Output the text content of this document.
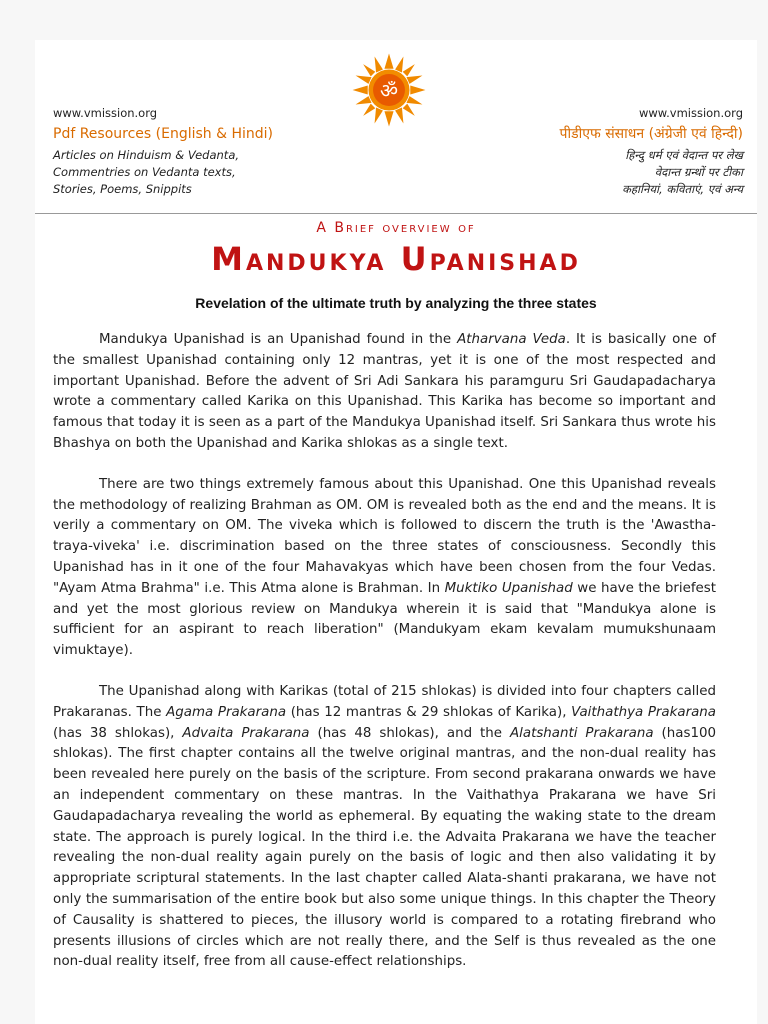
ॐ
www.vmission.org
Pdf Resources (English & Hindi)
Articles on Hinduism & Vedanta,
Commentries on Vedanta texts,
Stories, Poems, Snippits
www.vmission.org
पीडीएफ संसाधन (अंग्रेजी एवं हिन्दी)
हिन्दु धर्म एवं वेदान्त पर लेख
वेदान्त ग्रन्थों पर टीका
कहानियां, कविताएं, एवं अन्य
A Brief overview of
Mandukya Upanishad
Revelation of the ultimate truth by analyzing the three states

Mandukya Upanishad is an Upanishad found in the Atharvana Veda. It is basically one of the smallest Upanishad containing only 12 mantras, yet it is one of the most respected and important Upanishad. Before the advent of Sri Adi Sankara his paramguru Sri Gaudapadacharya wrote a commentary called Karika on this Upanishad. This Karika has become so important and famous that today it is seen as a part of the Mandukya Upanishad itself. Sri Sankara thus wrote his Bhashya on both the Upanishad and Karika shlokas as a single text.

There are two things extremely famous about this Upanishad. One this Upanishad reveals the methodology of realizing Brahman as OM. OM is revealed both as the end and the means. It is verily a commentary on OM. The viveka which is followed to discern the truth is the 'Awastha-traya-viveka' i.e. discrimination based on the three states of consciousness. Secondly this Upanishad has in it one of the four Mahavakyas which have been chosen from the four Vedas. "Ayam Atma Brahma" i.e. This Atma alone is Brahman. In Muktiko Upanishad we have the briefest and yet the most glorious review on Mandukya wherein it is said that "Mandukya alone is sufficient for an aspirant to reach liberation" (Mandukyam ekam kevalam mumukshunaam vimuktaye).

The Upanishad along with Karikas (total of 215 shlokas) is divided into four chapters called Prakaranas. The Agama Prakarana (has 12 mantras & 29 shlokas of Karika), Vaithathya Prakarana (has 38 shlokas), Advaita Prakarana (has 48 shlokas), and the Alatshanti Prakarana (has100 shlokas). The first chapter contains all the twelve original mantras, and the non-dual reality has been revealed here purely on the basis of the scripture. From second prakarana onwards we have an independent commentary on these mantras. In the Vaithathya Prakarana we have Sri Gaudapadacharya revealing the world as ephemeral. By equating the waking state to the dream state. The approach is purely logical. In the third i.e. the Advaita Prakarana we have the teacher revealing the non-dual reality again purely on the basis of logic and then also validating it by appropriate scriptural statements. In the last chapter called Alata-shanti prakarana, we have not only the summarisation of the entire book but also some unique things. In this chapter the Theory of Causality is shattered to pieces, the illusory world is compared to a rotating firebrand who presents illusions of circles which are not really there, and the Self is thus revealed as the one non-dual reality itself, free from all cause-effect relationships.
